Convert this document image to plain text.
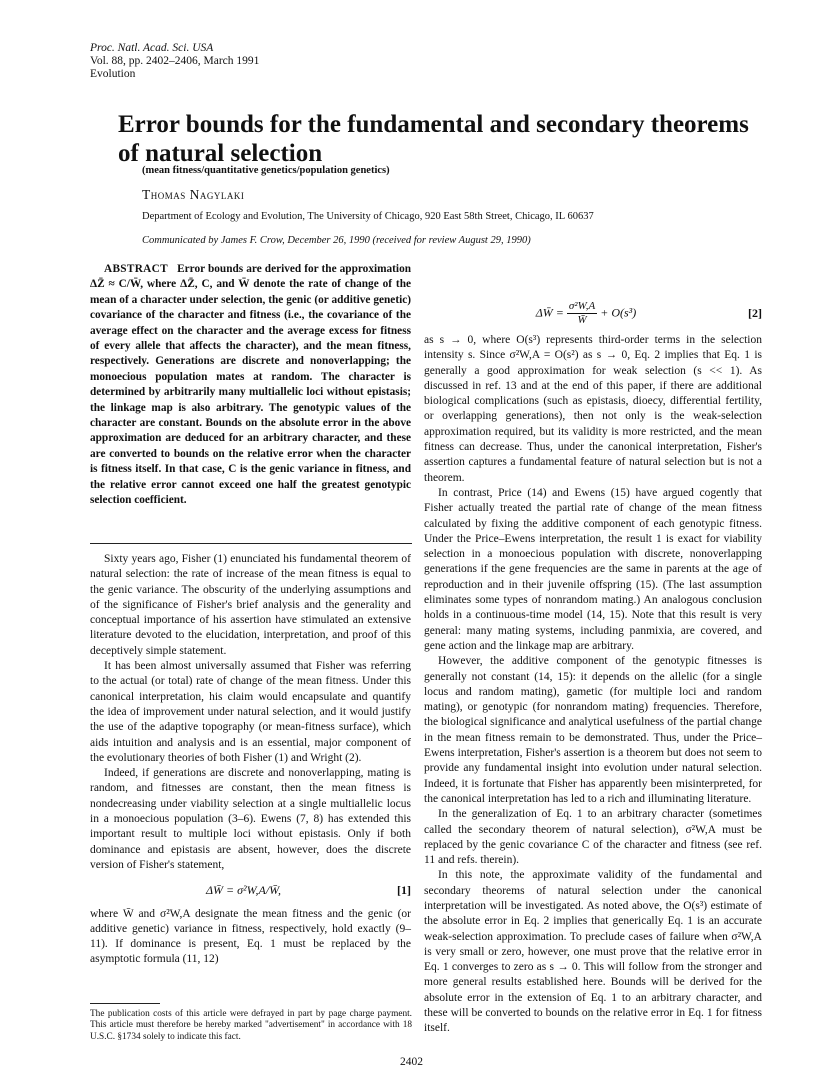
Proc. Natl. Acad. Sci. USA
Vol. 88, pp. 2402–2406, March 1991
Evolution
Error bounds for the fundamental and secondary theorems of natural selection
(mean fitness/quantitative genetics/population genetics)
Thomas Nagylaki
Department of Ecology and Evolution, The University of Chicago, 920 East 58th Street, Chicago, IL 60637
Communicated by James F. Crow, December 26, 1990 (received for review August 29, 1990)

ABSTRACT Error bounds are derived for the approximation ΔZ̄ ≈ C/W̄, where ΔZ̄, C, and W̄ denote the rate of change of the mean of a character under selection, the genic (or additive genetic) covariance of the character and fitness (i.e., the covariance of the average effect on the character and the average excess for fitness of every allele that affects the character), and the mean fitness, respectively. Generations are discrete and nonoverlapping; the monoecious population mates at random. The character is determined by arbitrarily many multiallelic loci without epistasis; the linkage map is also arbitrary. The genotypic values of the character are constant. Bounds on the absolute error in the above approximation are deduced for an arbitrary character, and these are converted to bounds on the relative error when the character is fitness itself. In that case, C is the genic variance in fitness, and the relative error cannot exceed one half the greatest genotypic selection coefficient.

Sixty years ago, Fisher (1) enunciated his fundamental theorem of natural selection: the rate of increase of the mean fitness is equal to the genic variance. The obscurity of the underlying assumptions and of the significance of Fisher's brief analysis and the generality and conceptual importance of his assertion have stimulated an extensive literature devoted to the elucidation, interpretation, and proof of this deceptively simple statement.

It has been almost universally assumed that Fisher was referring to the actual (or total) rate of change of the mean fitness. Under this canonical interpretation, his claim would encapsulate and quantify the idea of improvement under natural selection, and it would justify the use of the adaptive topography (or mean-fitness surface), which aids intuition and analysis and is an essential, major component of the evolutionary theories of both Fisher (1) and Wright (2).

Indeed, if generations are discrete and nonoverlapping, mating is random, and fitnesses are constant, then the mean fitness is nondecreasing under viability selection at a single multiallelic locus in a monoecious population (3–6). Ewens (7, 8) has extended this important result to multiple loci without epistasis. Only if both dominance and epistasis are absent, however, does the discrete version of Fisher's statement,

ΔW̄ = σ²W,A/W̄,	[1]

where W̄ and σ²W,A designate the mean fitness and the genic (or additive genetic) variance in fitness, respectively, hold exactly (9–11). If dominance is present, Eq. 1 must be replaced by the asymptotic formula (11, 12)

ΔW̄ = $\frac{\text{σ²W,A}}{W̄} + O(s^3)$	[2]

as s → 0, where O(s³) represents third-order terms in the selection intensity s. Since σ²W,A = O(s²) as s → 0, Eq. 2 implies that Eq. 1 is generally a good approximation for weak selection (s << 1). As discussed in ref. 13 and at the end of this paper, if there are additional biological complications (such as epistasis, dioecy, differential fertility, or overlapping generations), then not only is the weak-selection approximation required, but its validity is more restricted, and the mean fitness can decrease. Thus, under the canonical interpretation, Fisher's assertion captures a fundamental feature of natural selection but is not a theorem.

In contrast, Price (14) and Ewens (15) have argued cogently that Fisher actually treated the partial rate of change of the mean fitness calculated by fixing the additive component of each genotypic fitness. Under the Price–Ewens interpretation, the result 1 is exact for viability selection in a monoecious population with discrete, nonoverlapping generations if the gene frequencies are the same in parents at the age of reproduction and in their juvenile offspring (15). (The last assumption eliminates some types of nonrandom mating.) An analogous conclusion holds in a continuous-time model (14, 15). Note that this result is very general: many mating systems, including panmixia, are covered, and gene action and the linkage map are arbitrary.

However, the additive component of the genotypic fitnesses is generally not constant (14, 15): it depends on the allelic (for a single locus and random mating), gametic (for multiple loci and random mating), or genotypic (for nonrandom mating) frequencies. Therefore, the biological significance and analytical usefulness of the partial change in the mean fitness remain to be demonstrated. Thus, under the Price–Ewens interpretation, Fisher's assertion is a theorem but does not seem to provide any fundamental insight into evolution under natural selection. Indeed, it is fortunate that Fisher has apparently been misinterpreted, for the canonical interpretation has led to a rich and illuminating literature.

In the generalization of Eq. 1 to an arbitrary character (sometimes called the secondary theorem of natural selection), σ²W,A must be replaced by the genic covariance C of the character and fitness (see ref. 11 and refs. therein).

In this note, the approximate validity of the fundamental and secondary theorems of natural selection under the canonical interpretation will be investigated. As noted above, the O(s³) estimate of the absolute error in Eq. 2 implies that generically Eq. 1 is an accurate weak-selection approximation. To preclude cases of failure when σ²W,A is very small or zero, however, one must prove that the relative error in Eq. 1 converges to zero as s → 0. This will follow from the stronger and more general results established here. Bounds will be derived for the absolute error in the extension of Eq. 1 to an arbitrary character, and these will be converted to bounds on the relative error in Eq. 1 for fitness itself.

The publication costs of this article were defrayed in part by page charge payment. This article must therefore be hereby marked "advertisement" in accordance with 18 U.S.C. §1734 solely to indicate this fact.
2402
